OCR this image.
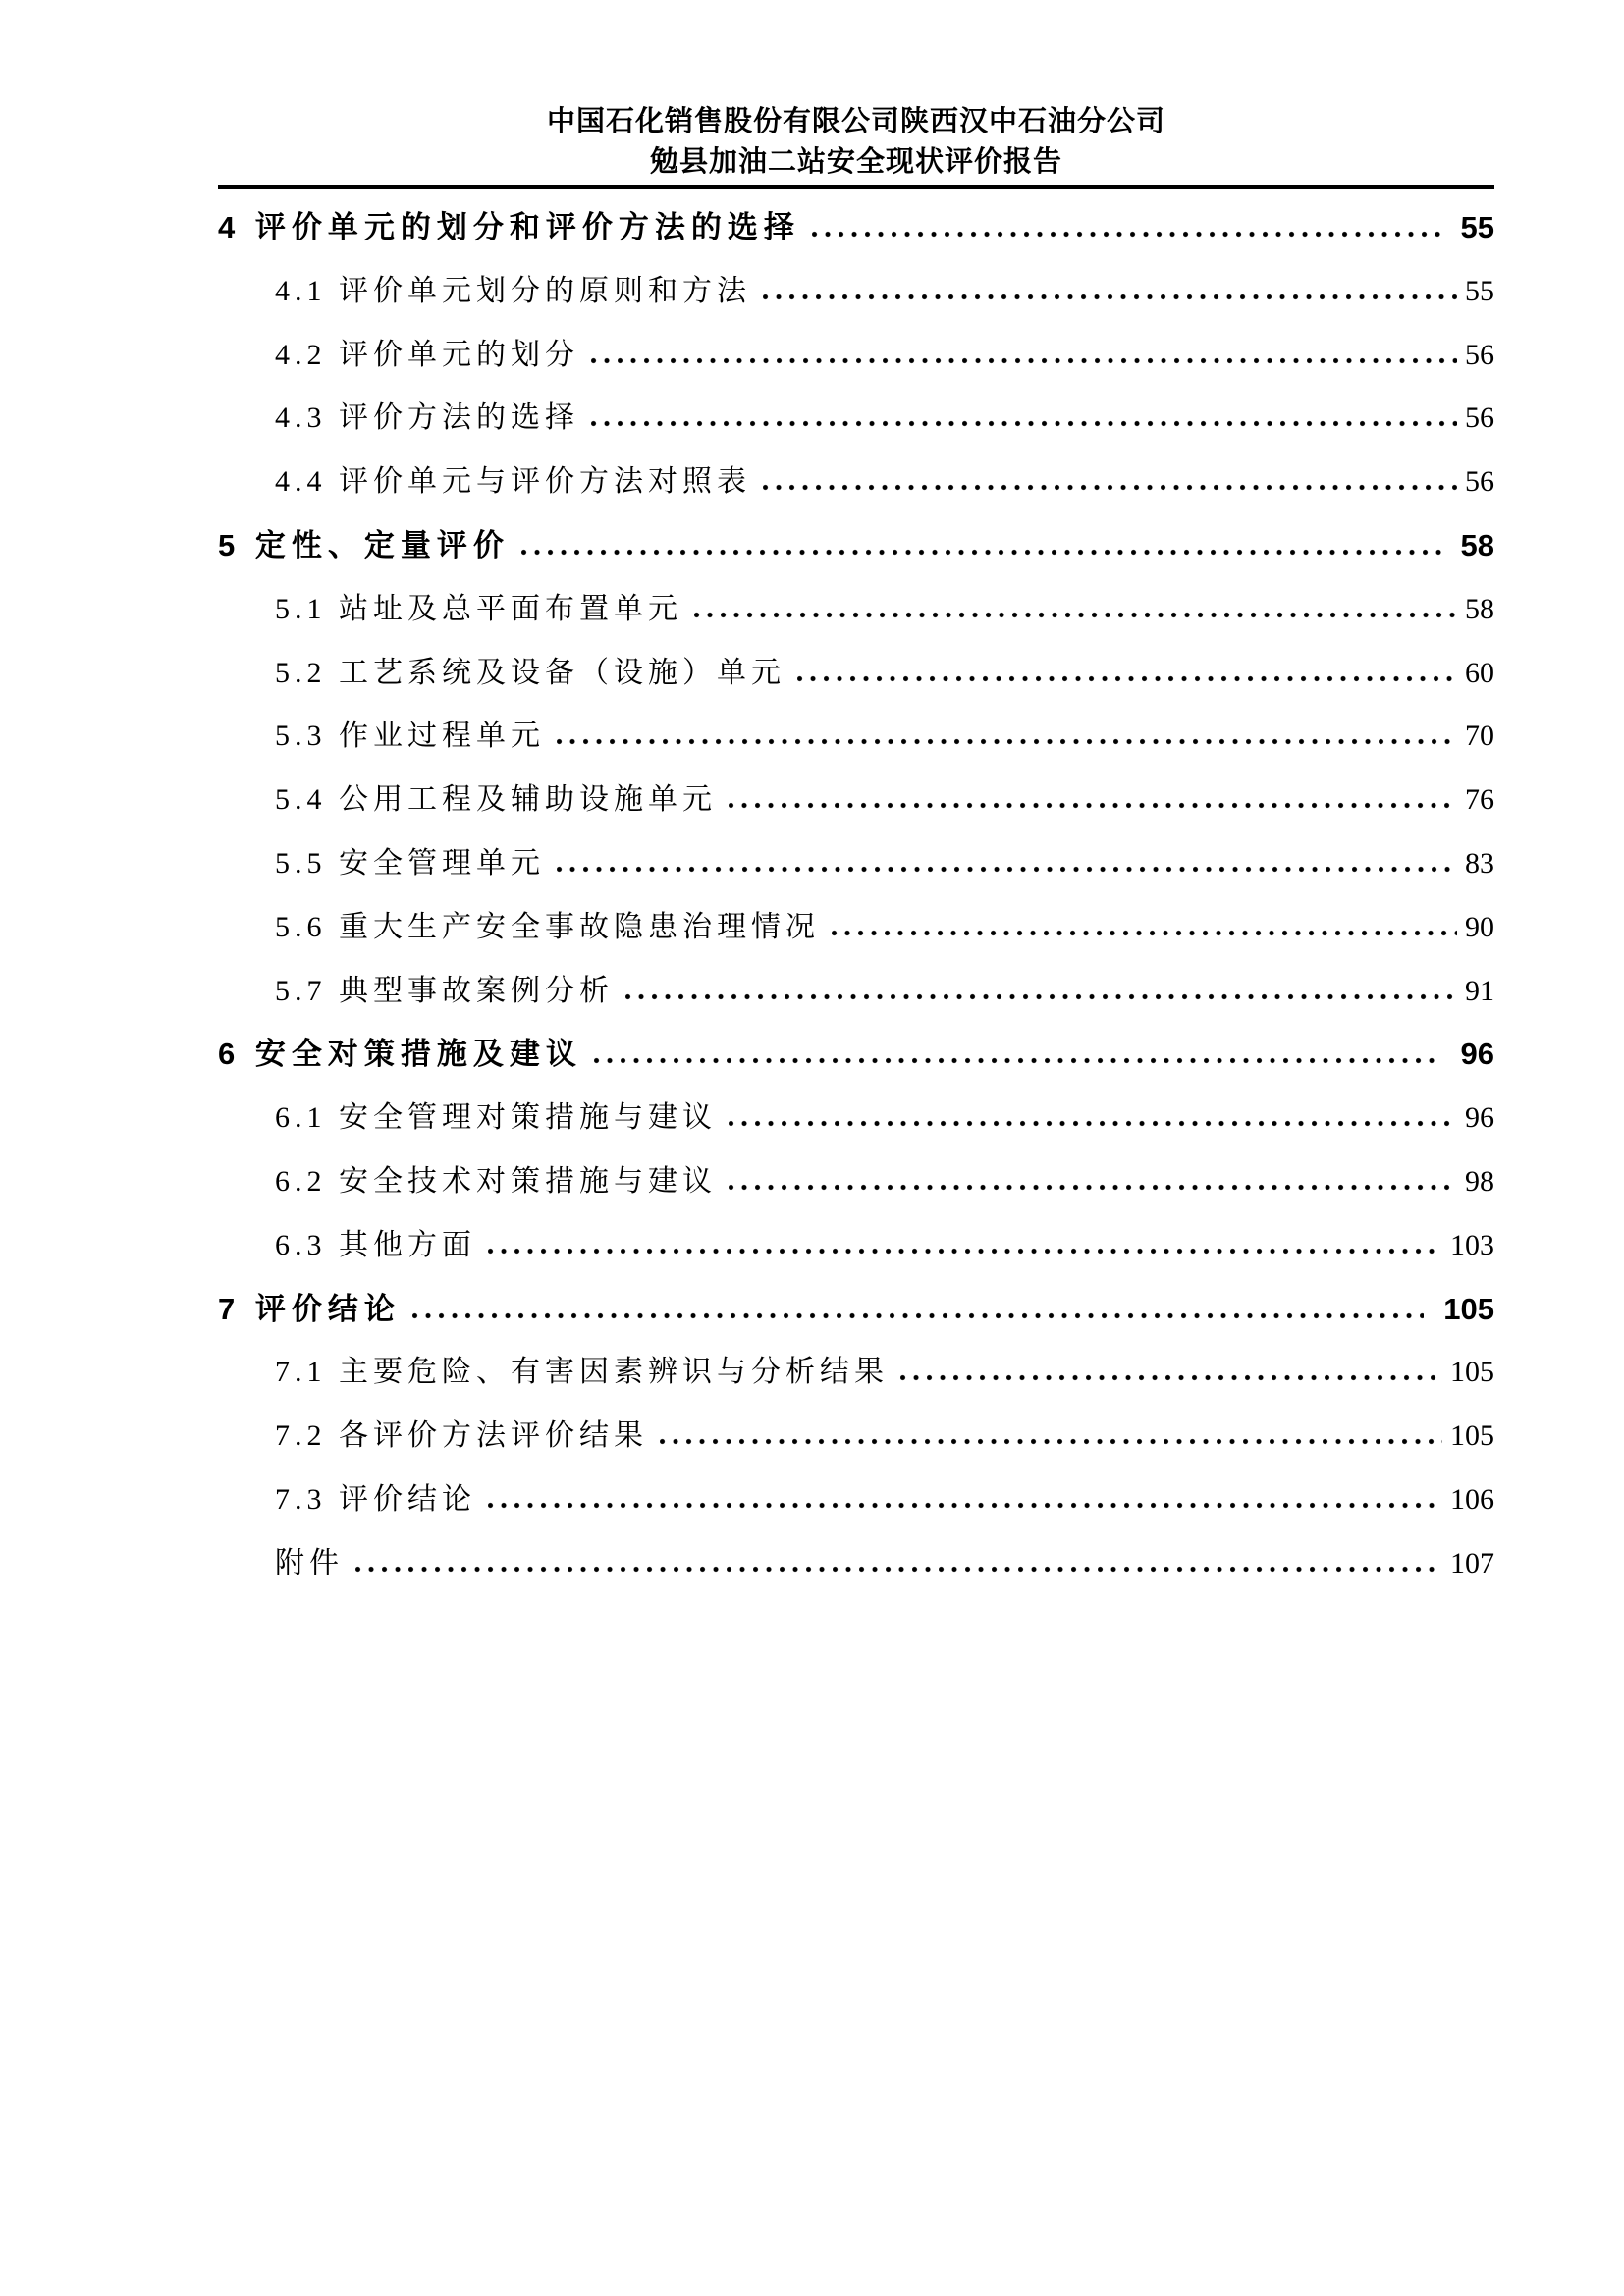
中国石化销售股份有限公司陕西汉中石油分公司
勉县加油二站安全现状评价报告
4 评价单元的划分和评价方法的选择	55
4.1 评价单元划分的原则和方法	55
4.2 评价单元的划分	56
4.3 评价方法的选择	56
4.4 评价单元与评价方法对照表	56
5 定性、定量评价	58
5.1 站址及总平面布置单元	58
5.2 工艺系统及设备（设施）单元	60
5.3 作业过程单元	70
5.4 公用工程及辅助设施单元	76
5.5 安全管理单元	83
5.6 重大生产安全事故隐患治理情况	90
5.7 典型事故案例分析	91
6 安全对策措施及建议	96
6.1 安全管理对策措施与建议	96
6.2 安全技术对策措施与建议	98
6.3 其他方面	103
7 评价结论	105
7.1 主要危险、有害因素辨识与分析结果	105
7.2 各评价方法评价结果	105
7.3 评价结论	106
附件	107
